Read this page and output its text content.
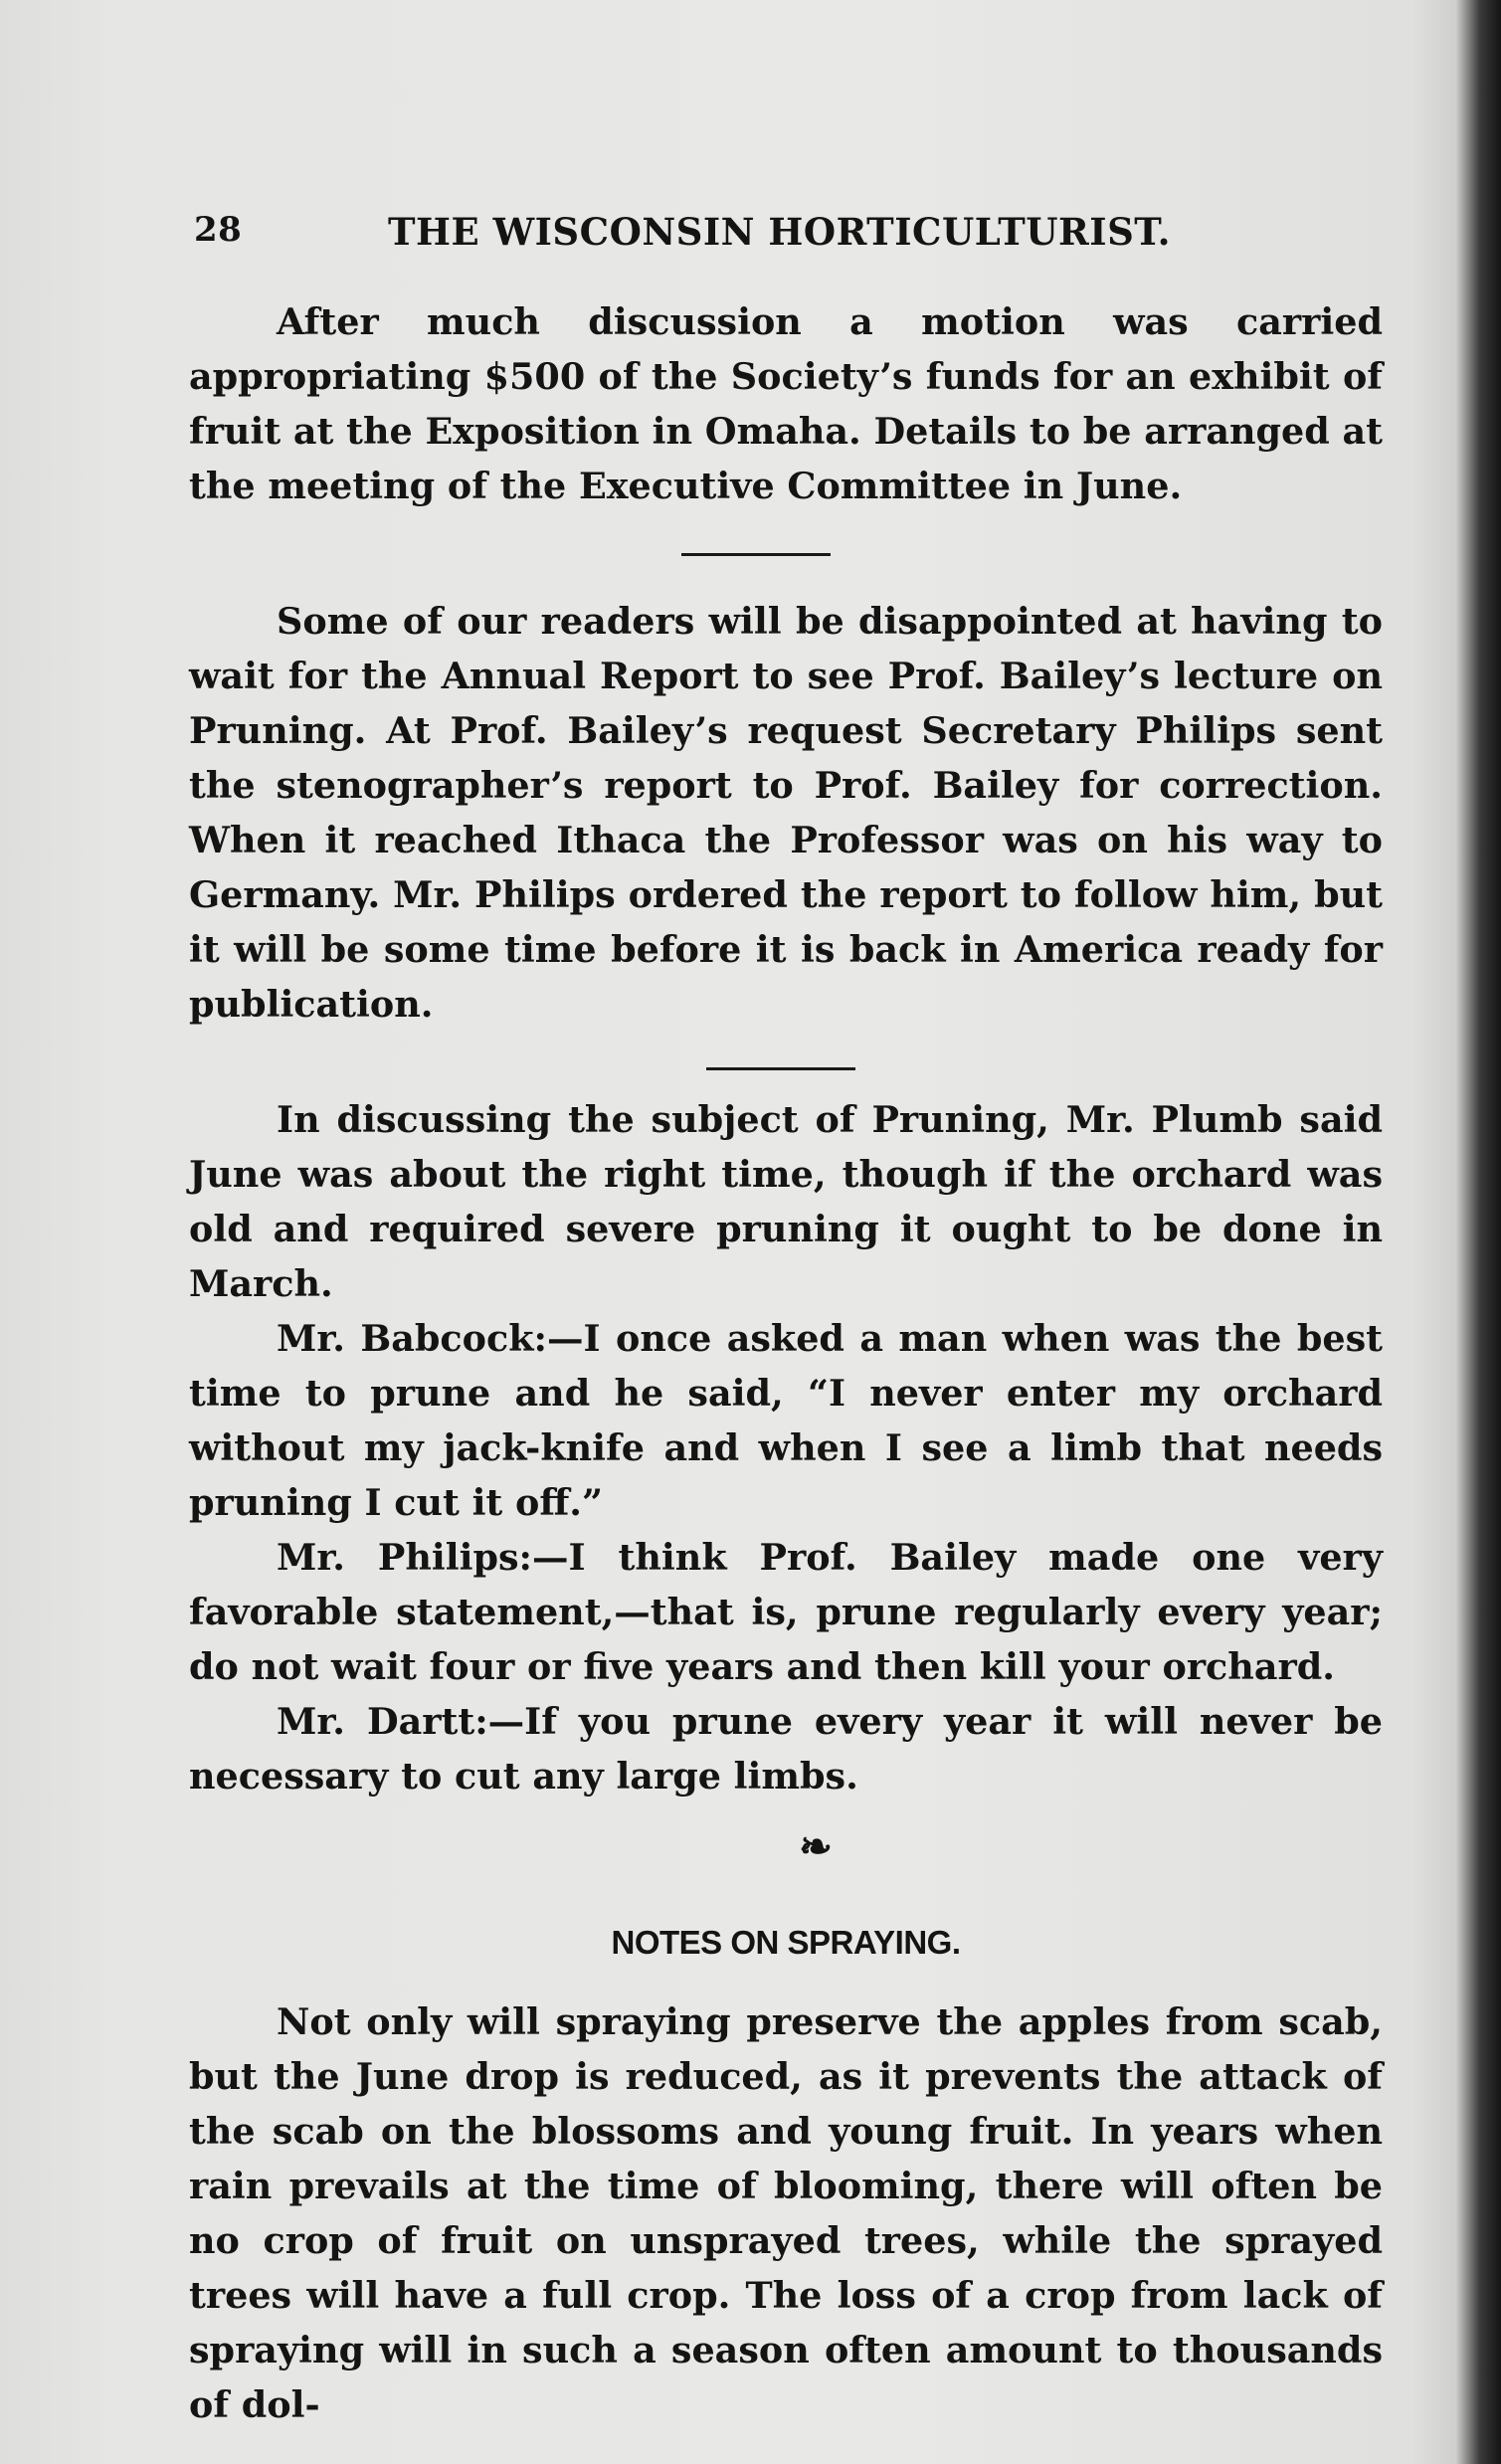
28	THE WISCONSIN HORTICULTURIST.

After much discussion a motion was carried appropriating $500 of the Society’s funds for an exhibit of fruit at the Exposition in Omaha. Details to be arranged at the meeting of the Executive Committee in June.

Some of our readers will be disappointed at having to wait for the Annual Report to see Prof. Bailey’s lecture on Pruning. At Prof. Bailey’s request Secretary Philips sent the stenographer’s report to Prof. Bailey for correction. When it reached Ithaca the Professor was on his way to Germany. Mr. Philips ordered the report to follow him, but it will be some time before it is back in America ready for publication.

In discussing the subject of Pruning, Mr. Plumb said June was about the right time, though if the orchard was old and required severe pruning it ought to be done in March.

Mr. Babcock:—I once asked a man when was the best time to prune and he said, “I never enter my orchard without my jack-knife and when I see a limb that needs pruning I cut it off.”

Mr. Philips:—I think Prof. Bailey made one very favorable statement,—that is, prune regularly every year; do not wait four or five years and then kill your orchard.

Mr. Dartt:—If you prune every year it will never be necessary to cut any large limbs.

❧
NOTES ON SPRAYING.

Not only will spraying preserve the apples from scab, but the June drop is reduced, as it prevents the attack of the scab on the blossoms and young fruit. In years when rain prevails at the time of blooming, there will often be no crop of fruit on unsprayed trees, while the sprayed trees will have a full crop. The loss of a crop from lack of spraying will in such a season often amount to thousands of dol-
